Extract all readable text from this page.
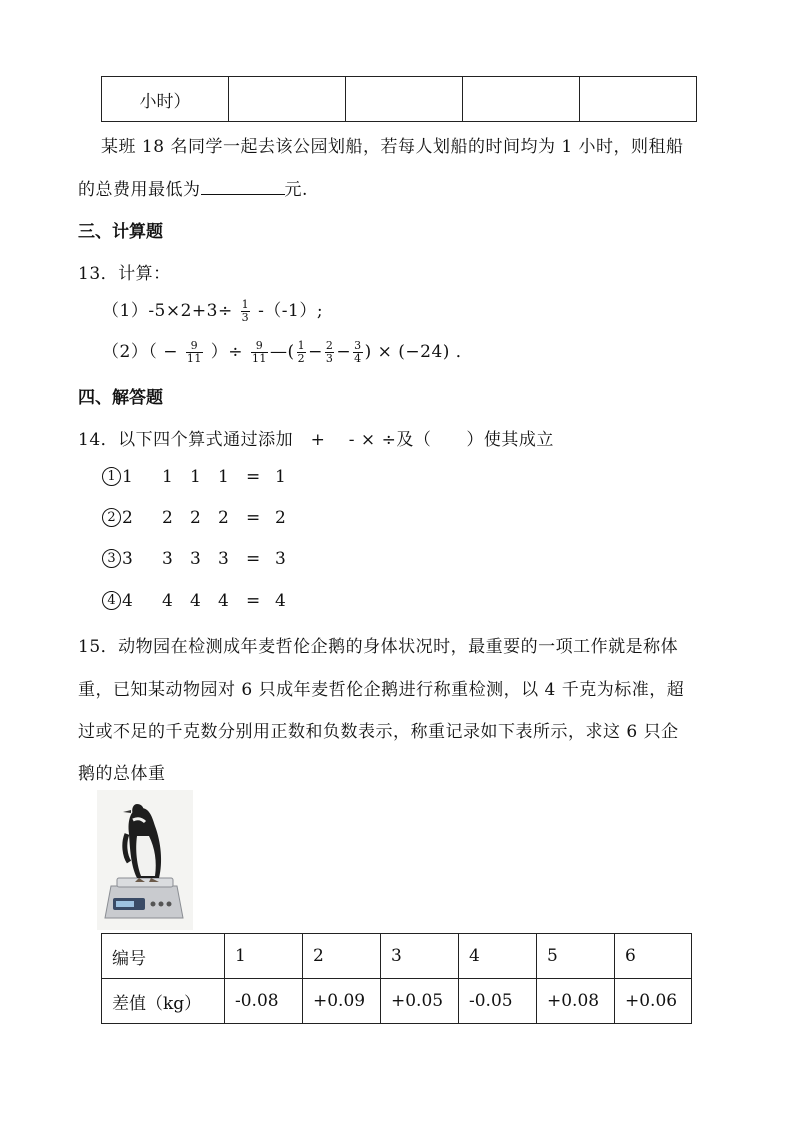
小时）				
某班 18 名同学一起去该公园划船，若每人划船的时间均为 1 小时，则租船
的总费用最低为	元.
三、计算题
13．计算：
$(1)-5\times 2+3\div \frac{1}{3} -(-1)$;
$(2)( - \frac{9}{11}$ ）÷ $\frac{9}{11}$ —( $\frac{1}{2} - \frac{2}{3} - \frac{3}{4}$ ) × (−24) ．
四、解答题
14．以下四个算式通过添加　+　 - × ÷及（　　）使其成立
1 1 1 1 1 = 1
2 2 2 2 2 = 2
3 3 3 3 3 = 3
4 4 4 4 4 = 4
15．动物园在检测成年麦哲伦企鹅的身体状况时，最重要的一项工作就是称体
重，已知某动物园对 6 只成年麦哲伦企鹅进行称重检测，以 4 千克为标准，超
过或不足的千克数分别用正数和负数表示，称重记录如下表所示，求这 6 只企
鹅的总体重
编号	1	2	3	4	5	6
差值（kg）	-0.08	+0.09	+0.05	-0.05	+0.08	+0.06
